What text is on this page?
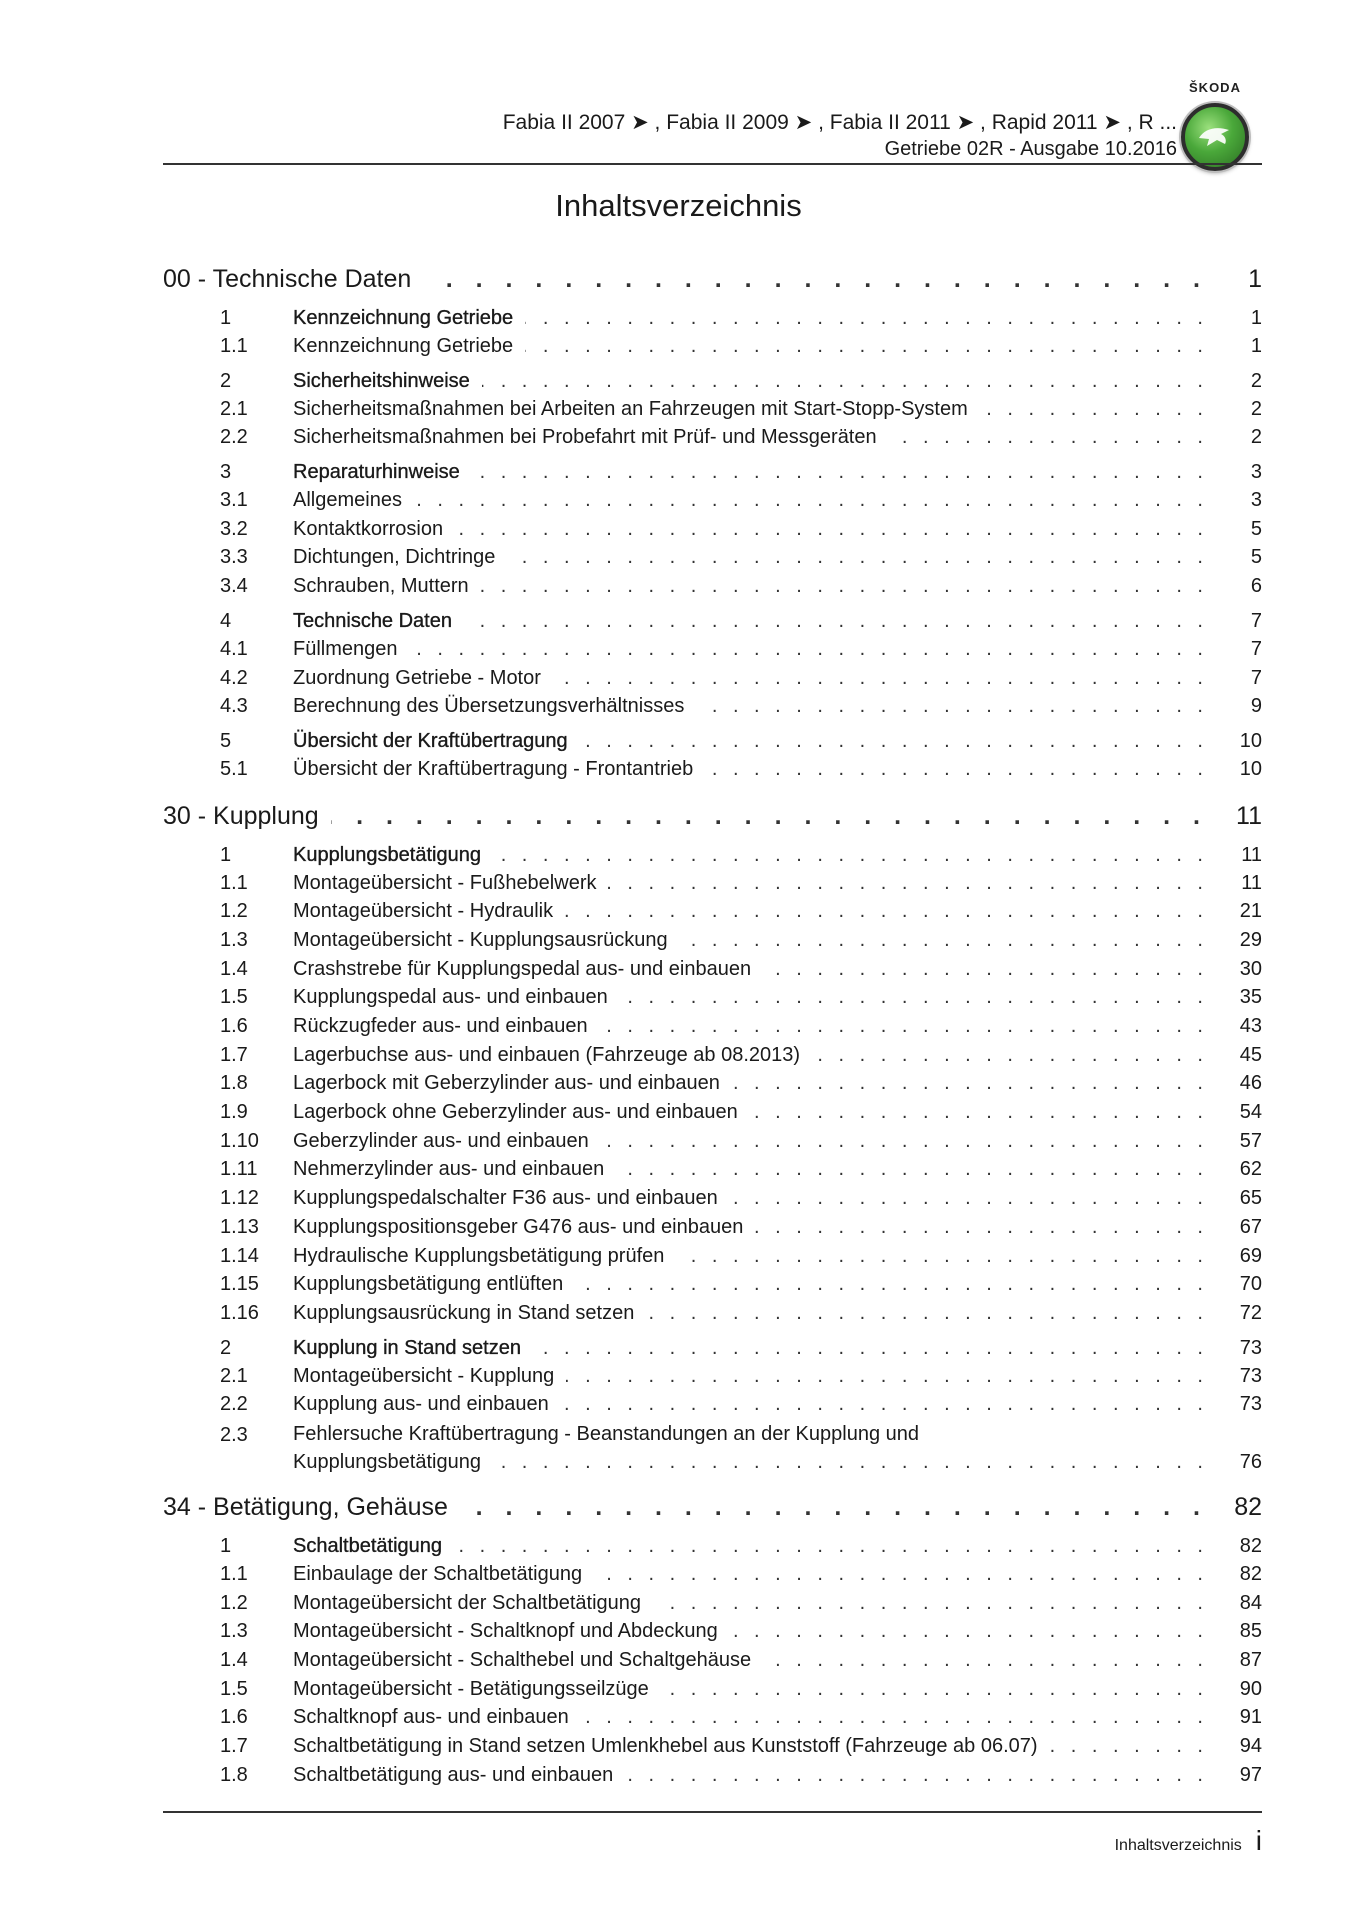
Fabia II 2007 ➤ , Fabia II 2009 ➤ , Fabia II 2011 ➤ , Rapid 2011 ➤ , R ...
Getriebe 02R - Ausgabe 10.2016
ŠKODA
Inhaltsverzeichnis
00 - Technische Daten . . .	1
1	Kennzeichnung Getriebe . . .	1
1.1	Kennzeichnung Getriebe . . .	1
2	Sicherheitshinweise . . .	2
2.1	Sicherheitsmaßnahmen bei Arbeiten an Fahrzeugen mit Start-Stopp-System . . .	2
2.2	Sicherheitsmaßnahmen bei Probefahrt mit Prüf- und Messgeräten . . .	2
3	Reparaturhinweise . . .	3
3.1	Allgemeines . . .	3
3.2	Kontaktkorrosion . . .	5
3.3	Dichtungen, Dichtringe . . .	5
3.4	Schrauben, Muttern . . .	6
4	Technische Daten . . .	7
4.1	Füllmengen . . .	7
4.2	Zuordnung Getriebe - Motor . . .	7
4.3	Berechnung des Übersetzungsverhältnisses . . .	9
5	Übersicht der Kraftübertragung . . .	10
5.1	Übersicht der Kraftübertragung - Frontantrieb . . .	10
30 - Kupplung . . .	11
1	Kupplungsbetätigung . . .	11
1.1	Montageübersicht - Fußhebelwerk . . .	11
1.2	Montageübersicht - Hydraulik . . .	21
1.3	Montageübersicht - Kupplungsausrückung . . .	29
1.4	Crashstrebe für Kupplungspedal aus- und einbauen . . .	30
1.5	Kupplungspedal aus- und einbauen . . .	35
1.6	Rückzugfeder aus- und einbauen . . .	43
1.7	Lagerbuchse aus- und einbauen (Fahrzeuge ab 08.2013) . . .	45
1.8	Lagerbock mit Geberzylinder aus- und einbauen . . .	46
1.9	Lagerbock ohne Geberzylinder aus- und einbauen . . .	54
1.10	Geberzylinder aus- und einbauen . . .	57
1.11	Nehmerzylinder aus- und einbauen . . .	62
1.12	Kupplungspedalschalter F36 aus- und einbauen . . .	65
1.13	Kupplungspositionsgeber G476 aus- und einbauen . . .	67
1.14	Hydraulische Kupplungsbetätigung prüfen . . .	69
1.15	Kupplungsbetätigung entlüften . . .	70
1.16	Kupplungsausrückung in Stand setzen . . .	72
2	Kupplung in Stand setzen . . .	73
2.1	Montageübersicht - Kupplung . . .	73
2.2	Kupplung aus- und einbauen . . .	73
2.3	Fehlersuche Kraftübertragung - Beanstandungen an der Kupplung und
Kupplungsbetätigung . . .	76
34 - Betätigung, Gehäuse . . .	82
1	Schaltbetätigung . . .	82
1.1	Einbaulage der Schaltbetätigung . . .	82
1.2	Montageübersicht der Schaltbetätigung . . .	84
1.3	Montageübersicht - Schaltknopf und Abdeckung . . .	85
1.4	Montageübersicht - Schalthebel und Schaltgehäuse . . .	87
1.5	Montageübersicht - Betätigungsseilzüge . . .	90
1.6	Schaltknopf aus- und einbauen . . .	91
1.7	Schaltbetätigung in Stand setzen Umlenkhebel aus Kunststoff (Fahrzeuge ab 06.07) . . .	94
1.8	Schaltbetätigung aus- und einbauen . . .	97
Inhaltsverzeichnis i
